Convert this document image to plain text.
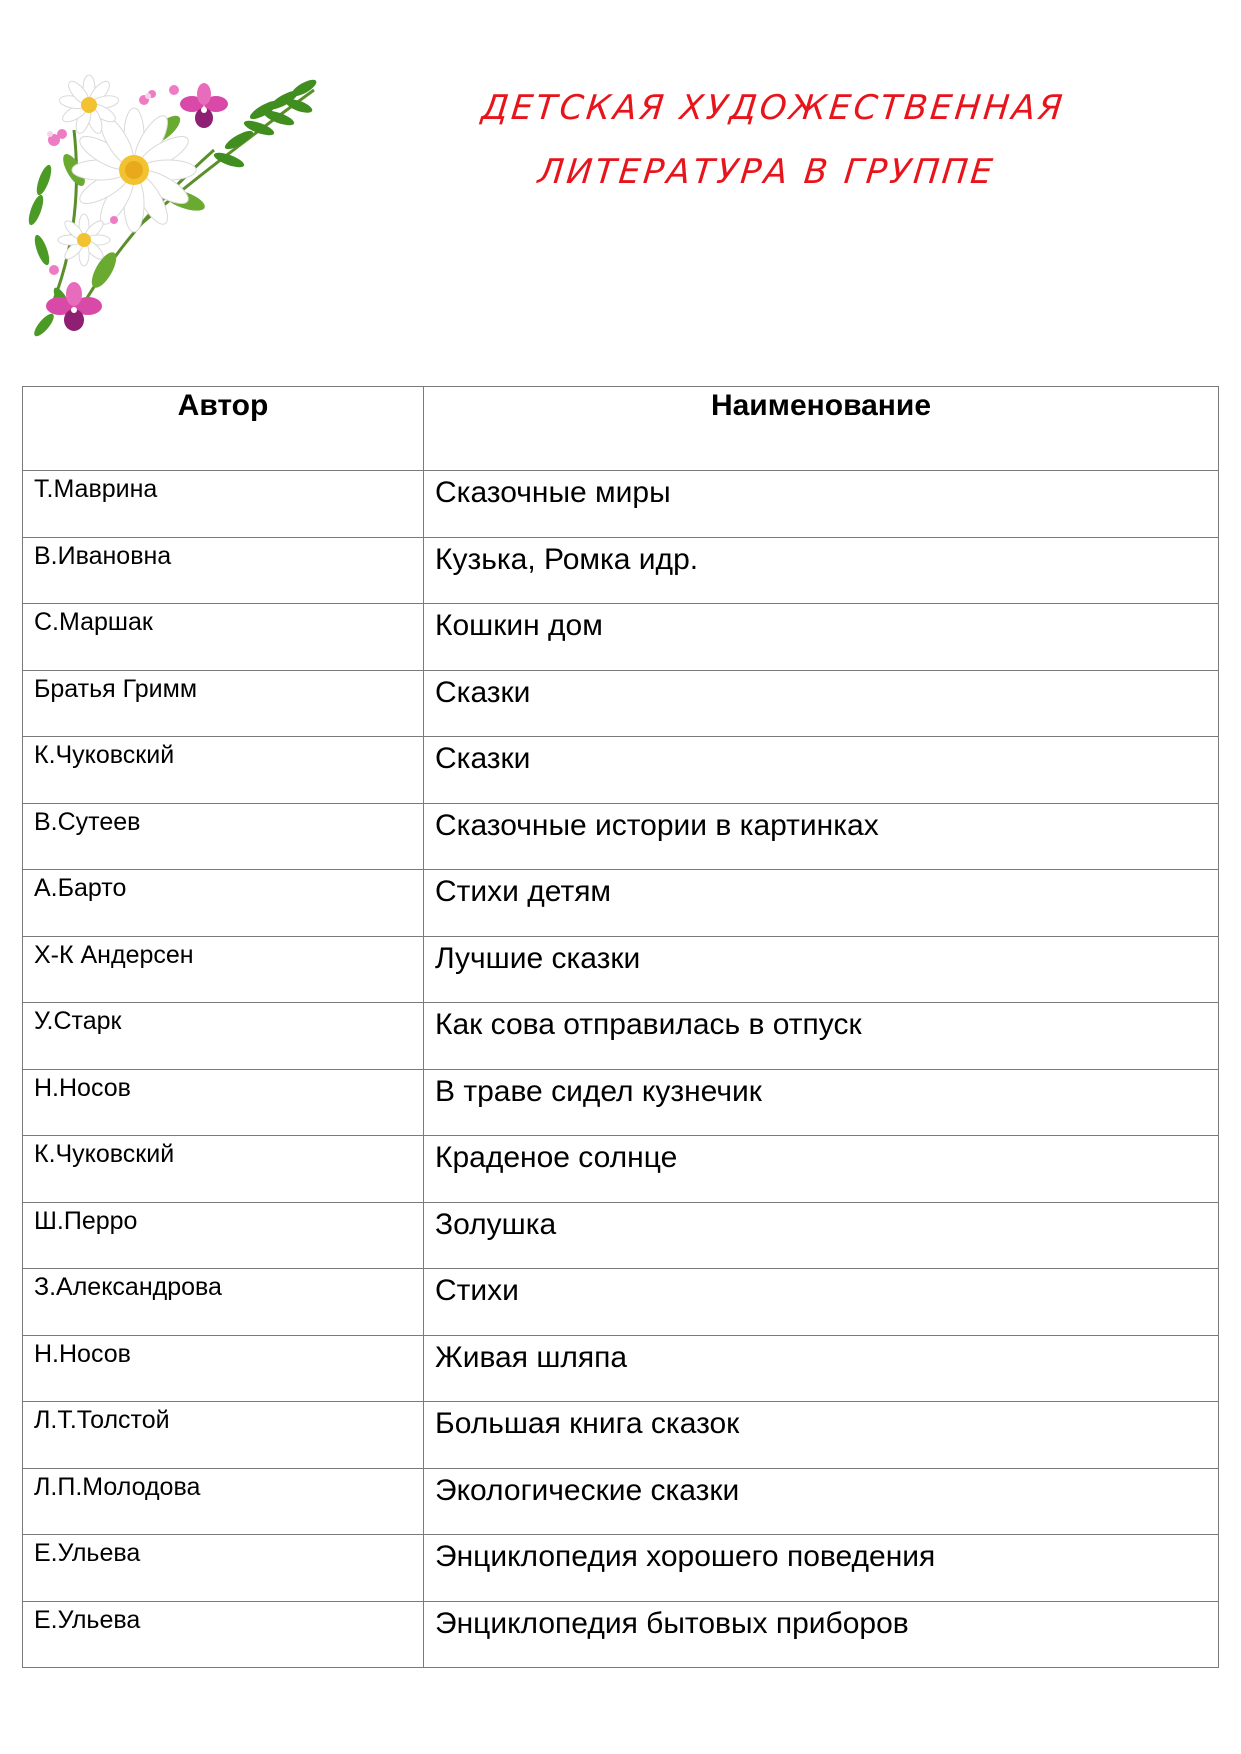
ДЕТСКАЯ ХУДОЖЕСТВЕННАЯ
ЛИТЕРАТУРА В ГРУППЕ
Автор	Наименование
Т.Маврина	Сказочные миры
В.Ивановна	Кузька, Ромка идр.
С.Маршак	Кошкин дом
Братья Гримм	Сказки
К.Чуковский	Сказки
В.Сутеев	Сказочные истории в картинках
А.Барто	Стихи детям
Х-К Андерсен	Лучшие сказки
У.Старк	Как сова отправилась в отпуск
Н.Носов	В траве сидел кузнечик
К.Чуковский	Краденое солнце
Ш.Перро	Золушка
З.Александрова	Стихи
Н.Носов	Живая шляпа
Л.Т.Толстой	Большая книга сказок
Л.П.Молодова	Экологические сказки
Е.Ульева	Энциклопедия хорошего поведения
Е.Ульева	Энциклопедия бытовых приборов
